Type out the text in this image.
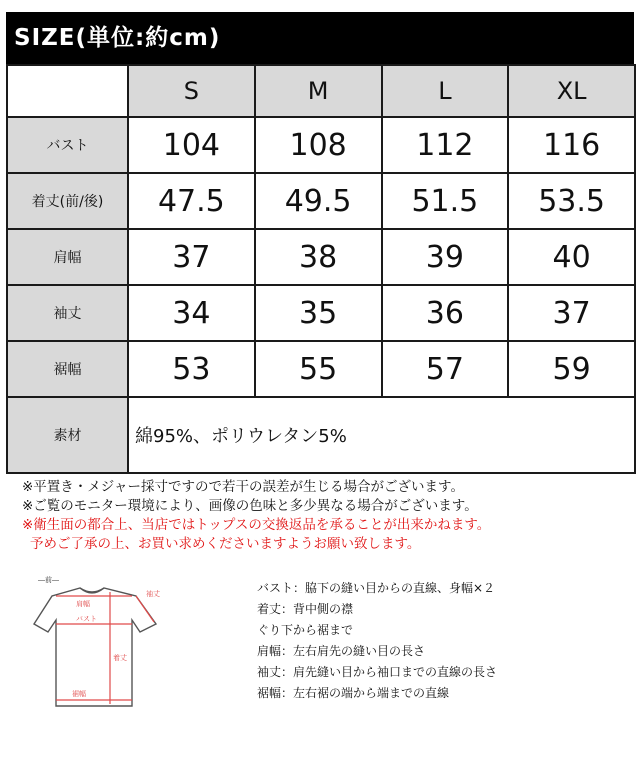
SIZE(単位:約cm)
	S	M	L	XL
バスト	104	108	112	116
着丈(前/後)	47.5	49.5	51.5	53.5
肩幅	37	38	39	40
袖丈	34	35	36	37
裾幅	53	55	57	59
素材	綿95%、ポリウレタン5%			
※平置き・メジャー採寸ですので若干の誤差が生じる場合がございます。
※ご覧のモニター環境により、画像の色味と多少異なる場合がございます。
※衛生面の都合上、当店ではトップスの交換返品を承ることが出来かねます。
予めご了承の上、お買い求めくださいますようお願い致します。
―前―
肩幅
袖丈
バスト
着丈
裾幅
バスト：脇下の縫い目からの直線、身幅×２
着丈：背中側の襟
ぐり下から裾まで
肩幅：左右肩先の縫い目の長さ
袖丈：肩先縫い目から袖口までの直線の長さ
裾幅：左右裾の端から端までの直線
